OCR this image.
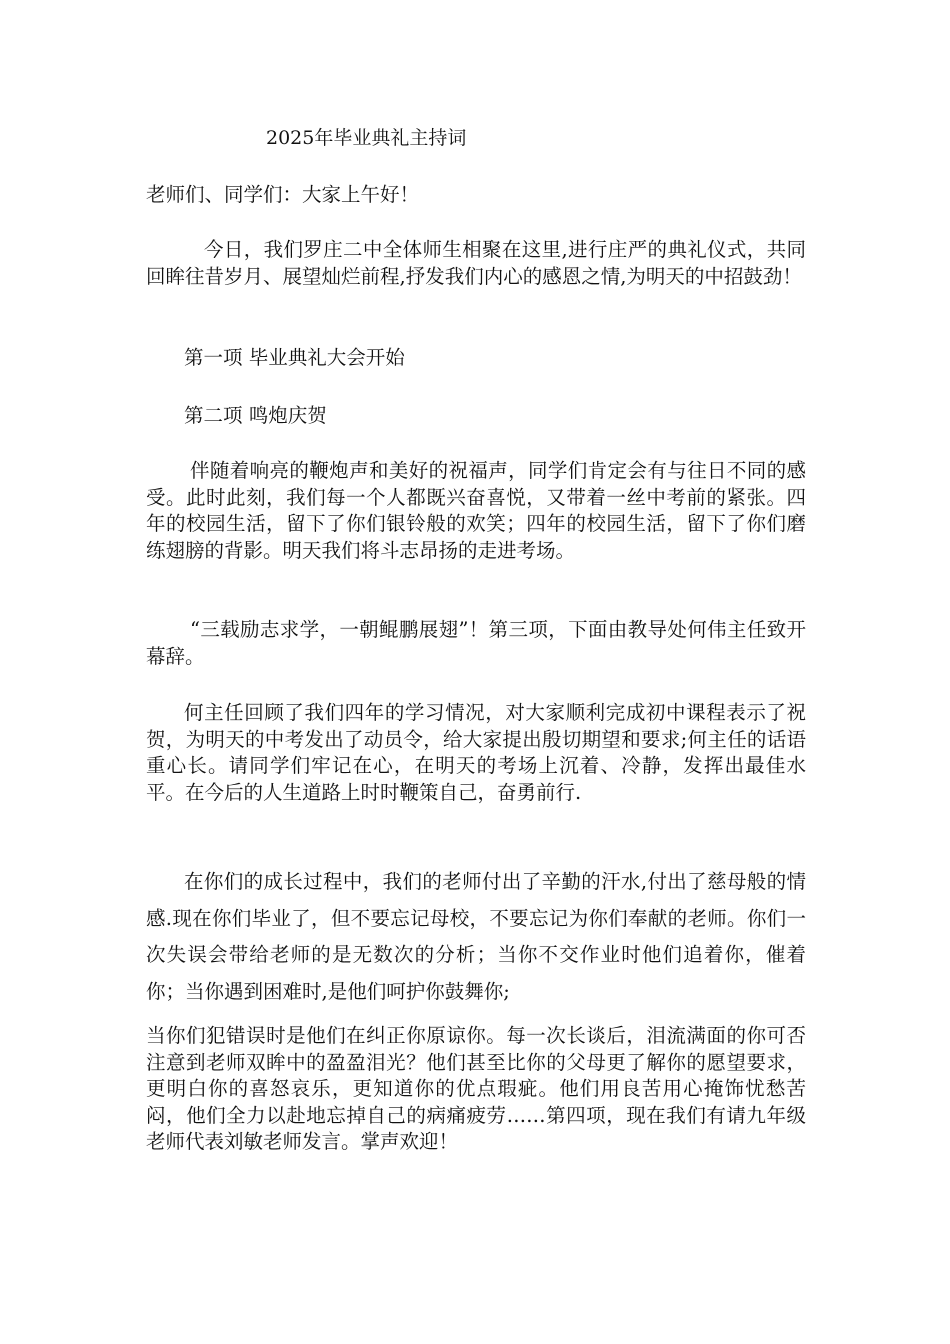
2025年毕业典礼主持词

老师们、同学们：大家上午好！

今日，我们罗庄二中全体师生相聚在这里,进行庄严的典礼仪式，共同回眸往昔岁月、展望灿烂前程,抒发我们内心的感恩之情,为明天的中招鼓劲！

第一项 毕业典礼大会开始

第二项 鸣炮庆贺

伴随着响亮的鞭炮声和美好的祝福声，同学们肯定会有与往日不同的感受。此时此刻，我们每一个人都既兴奋喜悦，又带着一丝中考前的紧张。四年的校园生活，留下了你们银铃般的欢笑；四年的校园生活，留下了你们磨练翅膀的背影。明天我们将斗志昂扬的走进考场。

“三载励志求学，一朝鲲鹏展翅”！第三项，下面由教导处何伟主任致开幕辞。

何主任回顾了我们四年的学习情况，对大家顺利完成初中课程表示了祝贺，为明天的中考发出了动员令，给大家提出殷切期望和要求;何主任的话语重心长。请同学们牢记在心，在明天的考场上沉着、冷静，发挥出最佳水平。在今后的人生道路上时时鞭策自己，奋勇前行.

在你们的成长过程中，我们的老师付出了辛勤的汗水,付出了慈母般的情感.现在你们毕业了，但不要忘记母校，不要忘记为你们奉献的老师。你们一次失误会带给老师的是无数次的分析；当你不交作业时他们追着你，催着你；当你遇到困难时,是他们呵护你鼓舞你;

当你们犯错误时是他们在纠正你原谅你。每一次长谈后，泪流满面的你可否注意到老师双眸中的盈盈泪光？他们甚至比你的父母更了解你的愿望要求，更明白你的喜怒哀乐，更知道你的优点瑕疵。他们用良苦用心掩饰忧愁苦闷，他们全力以赴地忘掉自己的病痛疲劳……第四项，现在我们有请九年级老师代表刘敏老师发言。掌声欢迎！
